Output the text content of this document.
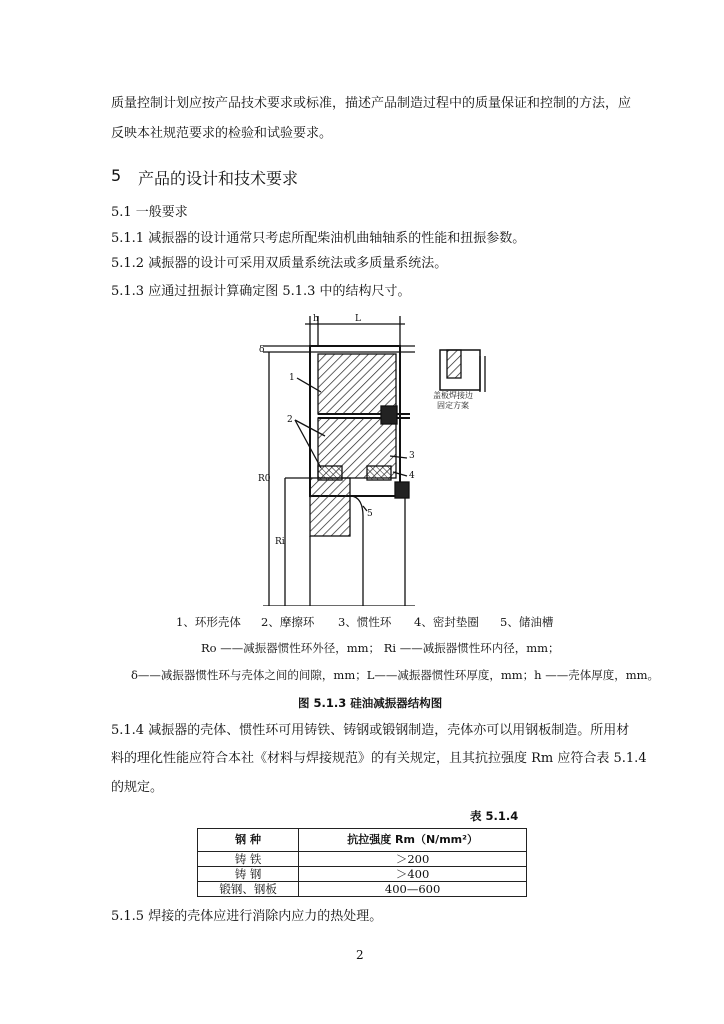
质量控制计划应按产品技术要求或标准，描述产品制造过程中的质量保证和控制的方法，应
反映本社规范要求的检验和试验要求。
5 产品的设计和技术要求
5.1 一般要求
5.1.1 减振器的设计通常只考虑所配柴油机曲轴轴系的性能和扭振参数。
5.1.2 减振器的设计可采用双质量系统法或多质量系统法。
5.1.3 应通过扭振计算确定图 5.1.3 中的结构尺寸。
h	L
δ
R0
Ri
1
2
3
4
5
盖板焊接边
固定方案
1、环形壳体 2、摩擦环 3、惯性环 4、密封垫圈 5、储油槽
Ro ——减振器惯性环外径，mm； Ri ——减振器惯性环内径，mm；
δ——减振器惯性环与壳体之间的间隙，mm；L——减振器惯性环厚度，mm；h ——壳体厚度，mm。
图 5.1.3 硅油减振器结构图
5.1.4 减振器的壳体、惯性环可用铸铁、铸钢或锻钢制造，壳体亦可以用钢板制造。所用材
料的理化性能应符合本社《材料与焊接规范》的有关规定，且其抗拉强度 Rm 应符合表 5.1.4
的规定。
表 5.1.4
钢 种	抗拉强度 Rm（N/mm²）
铸 铁	＞200
铸 钢	＞400
锻钢、钢板	400—600
5.1.5 焊接的壳体应进行消除内应力的热处理。
2
